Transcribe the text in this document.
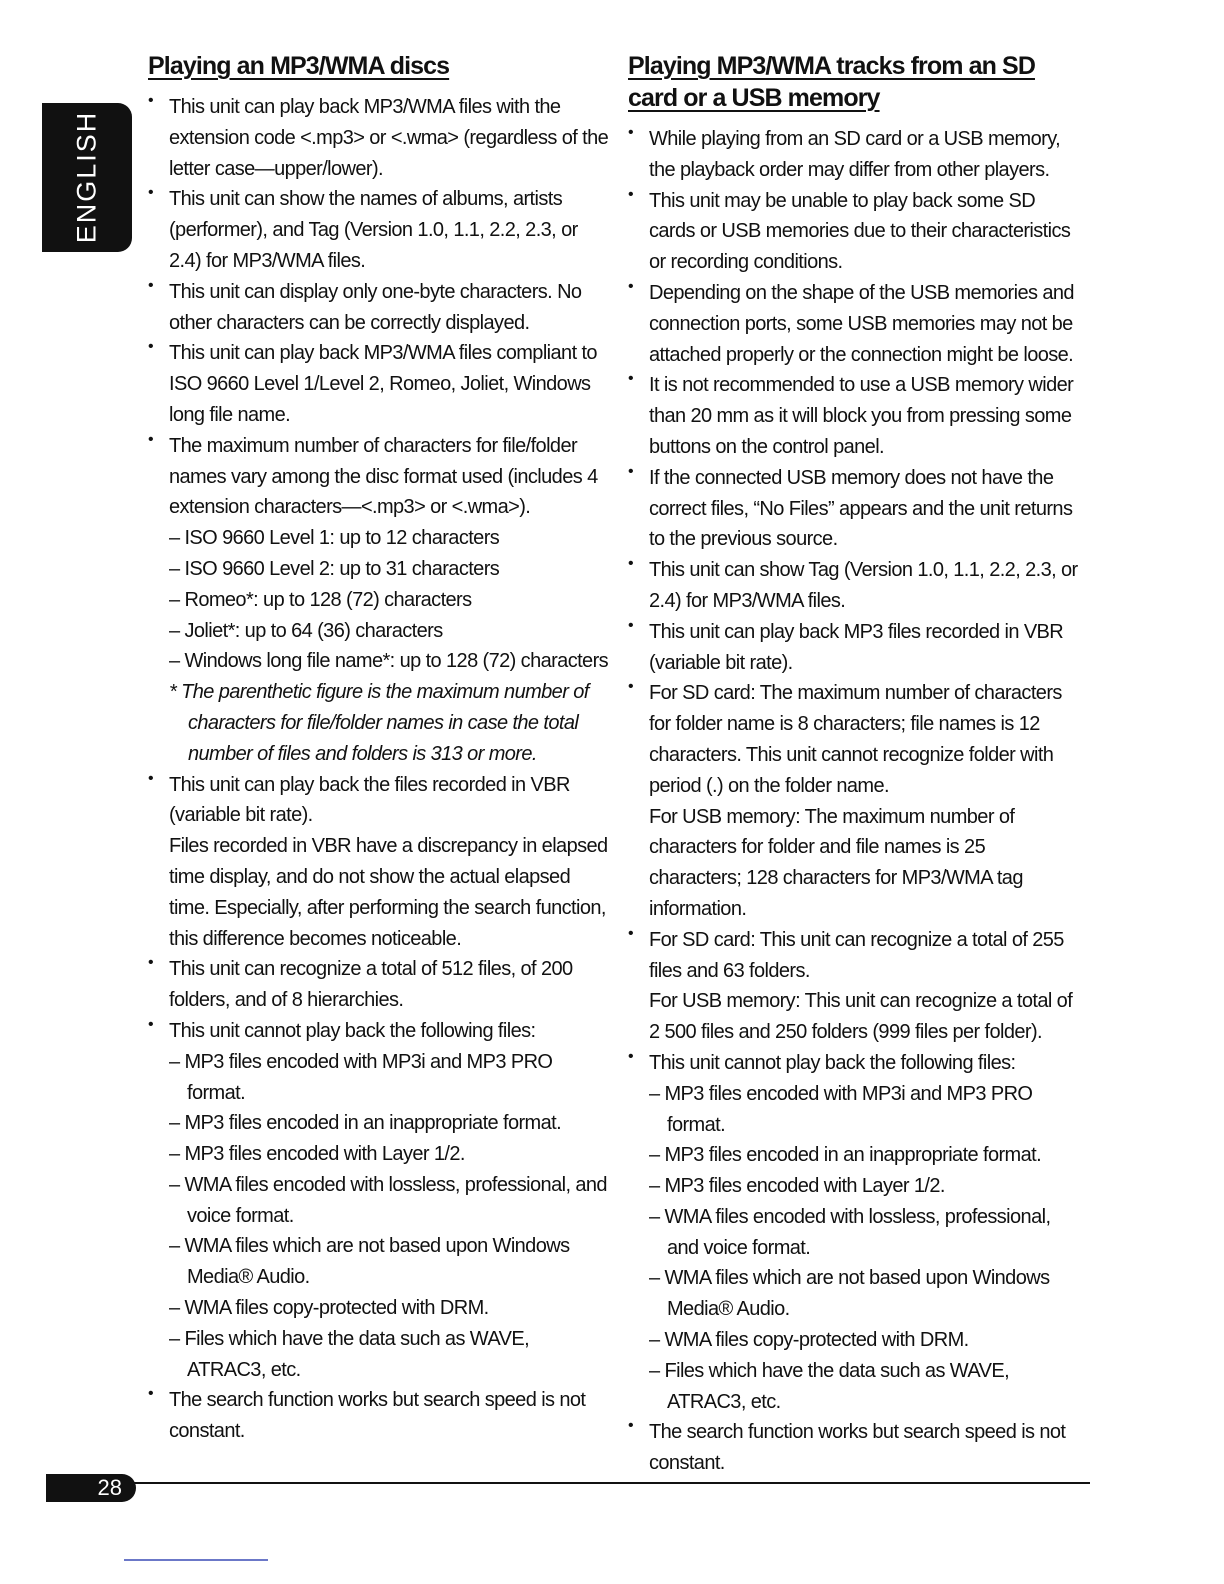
ENGLISH
Playing an MP3/WMA discs

• This unit can play back MP3/WMA files with the extension code <.mp3> or <.wma> (regardless of the letter case—upper/lower).

• This unit can show the names of albums, artists (performer), and Tag (Version 1.0, 1.1, 2.2, 2.3, or 2.4) for MP3/WMA files.

• This unit can display only one-byte characters. No other characters can be correctly displayed.

• This unit can play back MP3/WMA files compliant to ISO 9660 Level 1/Level 2, Romeo, Joliet, Windows long file name.

• The maximum number of characters for file/folder names vary among the disc format used (includes 4 extension characters—<.mp3> or <.wma>).

– ISO 9660 Level 1: up to 12 characters

– ISO 9660 Level 2: up to 31 characters

– Romeo*: up to 128 (72) characters

– Joliet*: up to 64 (36) characters

– Windows long file name*: up to 128 (72) characters

* The parenthetic figure is the maximum number of characters for file/folder names in case the total number of files and folders is 313 or more.

• This unit can play back the files recorded in VBR (variable bit rate).

Files recorded in VBR have a discrepancy in elapsed time display, and do not show the actual elapsed time. Especially, after performing the search function, this difference becomes noticeable.

• This unit can recognize a total of 512 files, of 200 folders, and of 8 hierarchies.

• This unit cannot play back the following files:

– MP3 files encoded with MP3i and MP3 PRO format.

– MP3 files encoded in an inappropriate format.

– MP3 files encoded with Layer 1/2.

– WMA files encoded with lossless, professional, and voice format.

– WMA files which are not based upon Windows Media® Audio.

– WMA files copy-protected with DRM.

– Files which have the data such as WAVE, ATRAC3, etc.

• The search function works but search speed is not constant.

Playing MP3/WMA tracks from an SD card or a USB memory

• While playing from an SD card or a USB memory, the playback order may differ from other players.

• This unit may be unable to play back some SD cards or USB memories due to their characteristics or recording conditions.

• Depending on the shape of the USB memories and connection ports, some USB memories may not be attached properly or the connection might be loose.

• It is not recommended to use a USB memory wider than 20 mm as it will block you from pressing some buttons on the control panel.

• If the connected USB memory does not have the correct files, “No Files” appears and the unit returns to the previous source.

• This unit can show Tag (Version 1.0, 1.1, 2.2, 2.3, or 2.4) for MP3/WMA files.

• This unit can play back MP3 files recorded in VBR (variable bit rate).

• For SD card: The maximum number of characters for folder name is 8 characters; file names is 12 characters. This unit cannot recognize folder with period (.) on the folder name.

For USB memory: The maximum number of characters for folder and file names is 25 characters; 128 characters for MP3/WMA tag information.

• For SD card: This unit can recognize a total of 255 files and 63 folders.

For USB memory: This unit can recognize a total of 2 500 files and 250 folders (999 files per folder).

• This unit cannot play back the following files:

– MP3 files encoded with MP3i and MP3 PRO format.

– MP3 files encoded in an inappropriate format.

– MP3 files encoded with Layer 1/2.

– WMA files encoded with lossless, professional, and voice format.

– WMA files which are not based upon Windows Media® Audio.

– WMA files copy-protected with DRM.

– Files which have the data such as WAVE, ATRAC3, etc.

• The search function works but search speed is not constant.

28
